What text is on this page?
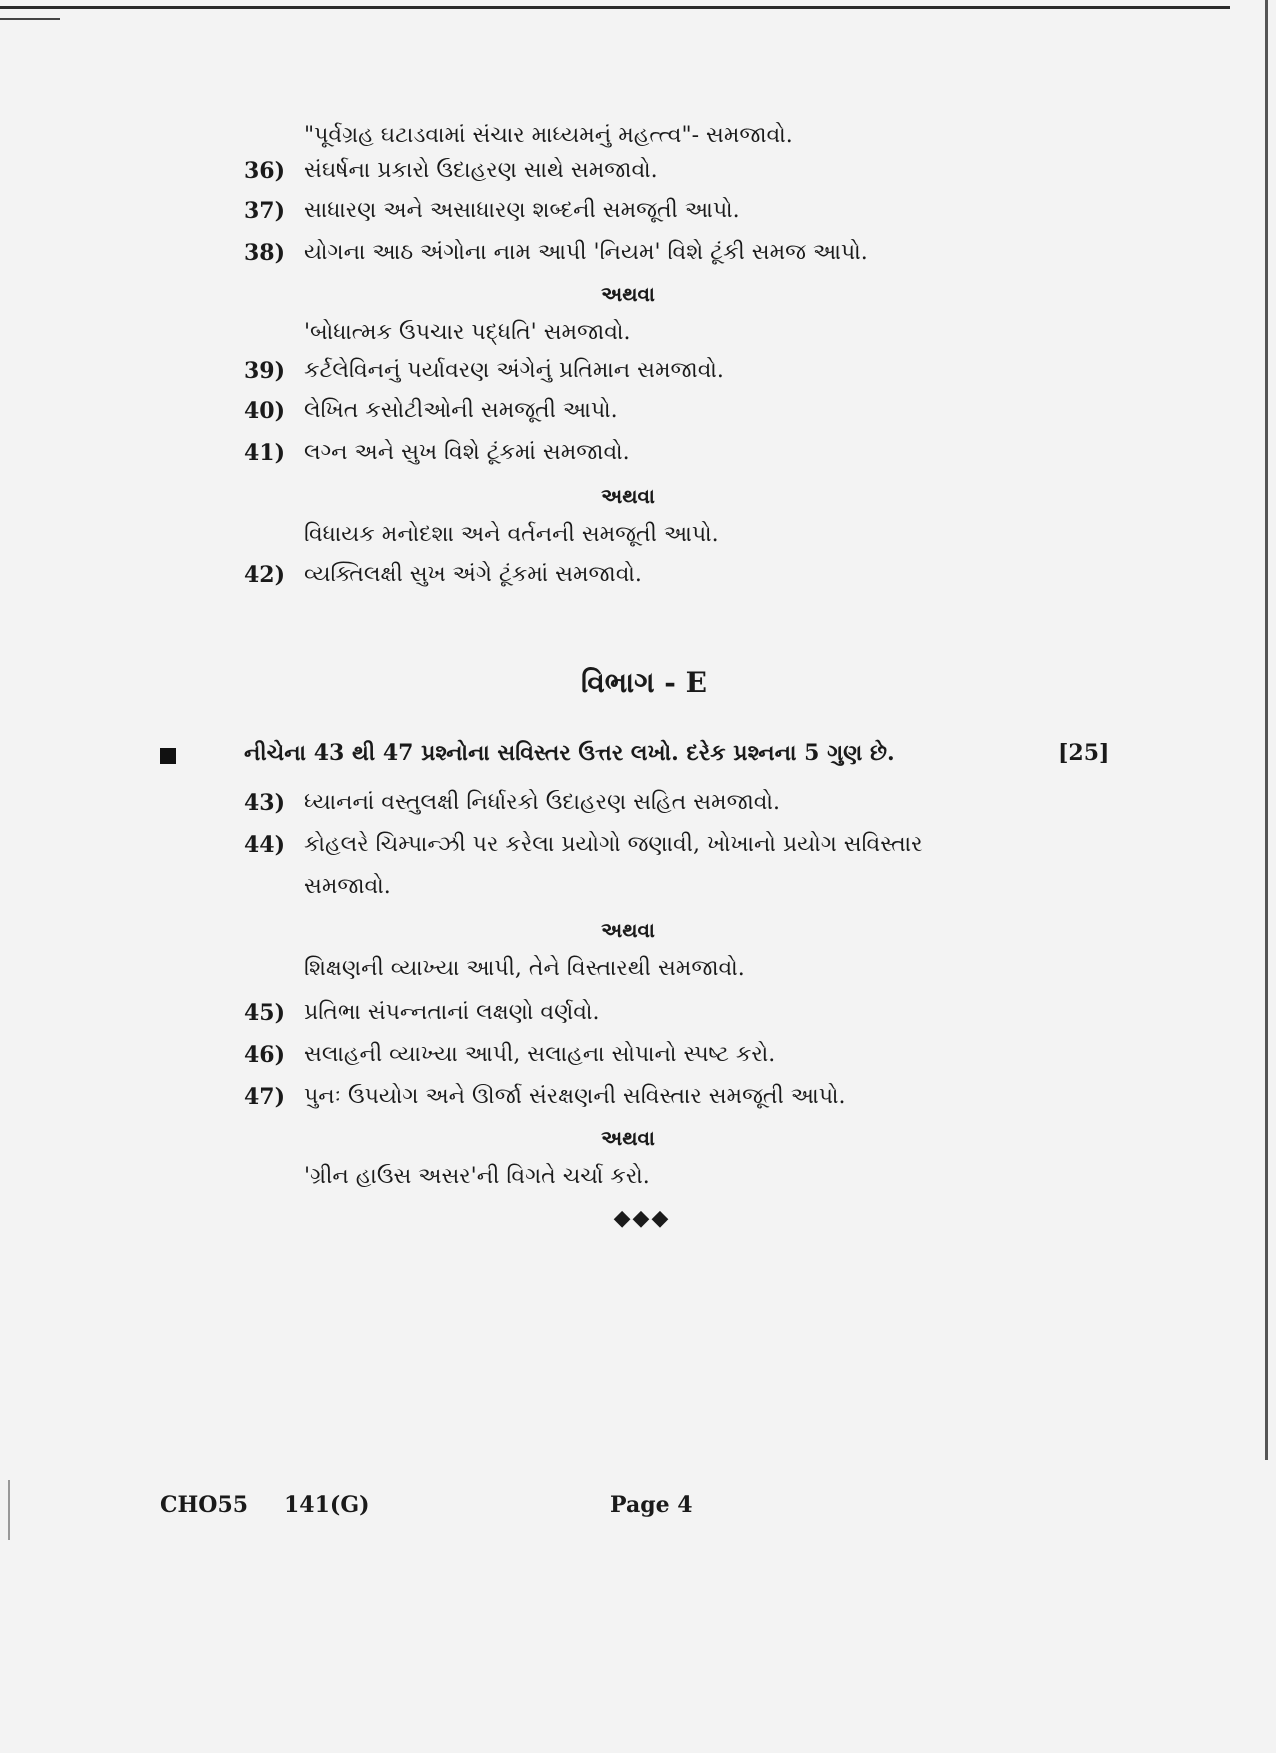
"પૂર્વગ્રહ ઘટાડવામાં સંચાર માધ્યમનું મહત્ત્વ"- સમજાવો.
36) સંઘર્ષના પ્રકારો ઉદાહરણ સાથે સમજાવો.
37) સાધારણ અને અસાધારણ શબ્દની સમજૂતી આપો.
38) યોગના આઠ અંગોના નામ આપી 'નિયમ' વિશે ટૂંકી સમજ આપો.
અથવા
'બોધાત્મક ઉપચાર પદ્ધતિ' સમજાવો.
39) કર્ટલેવિનનું પર્યાવરણ અંગેનું પ્રતિમાન સમજાવો.
40) લેખિત કસોટીઓની સમજૂતી આપો.
41) લગ્ન અને સુખ વિશે ટૂંકમાં સમજાવો.
અથવા
વિધાયક મનોદશા અને વર્તનની સમજૂતી આપો.
42) વ્યક્તિલક્ષી સુખ અંગે ટૂંકમાં સમજાવો.
વિભાગ - E
નીચેના 43 થી 47 પ્રશ્નોના સવિસ્તર ઉત્તર લખો. દરેક પ્રશ્નના 5 ગુણ છે.	[25]
43) ધ્યાનનાં વસ્તુલક્ષી નિર્ધારકો ઉદાહરણ સહિત સમજાવો.
44) કોહલરે ચિમ્પાન્ઝી પર કરેલા પ્રયોગો જણાવી, ખોખાનો પ્રયોગ સવિસ્તાર
સમજાવો.
અથવા
શિક્ષણની વ્યાખ્યા આપી, તેને વિસ્તારથી સમજાવો.
45) પ્રતિભા સંપન્નતાનાં લક્ષણો વર્ણવો.
46) સલાહની વ્યાખ્યા આપી, સલાહના સોપાનો સ્પષ્ટ કરો.
47) પુનઃ ઉપયોગ અને ઊર્જા સંરક્ષણની સવિસ્તાર સમજૂતી આપો.
અથવા
'ગ્રીન હાઉસ અસર'ની વિગતે ચર્ચા કરો.
◆◆◆
CHO55 141(G)	Page 4
